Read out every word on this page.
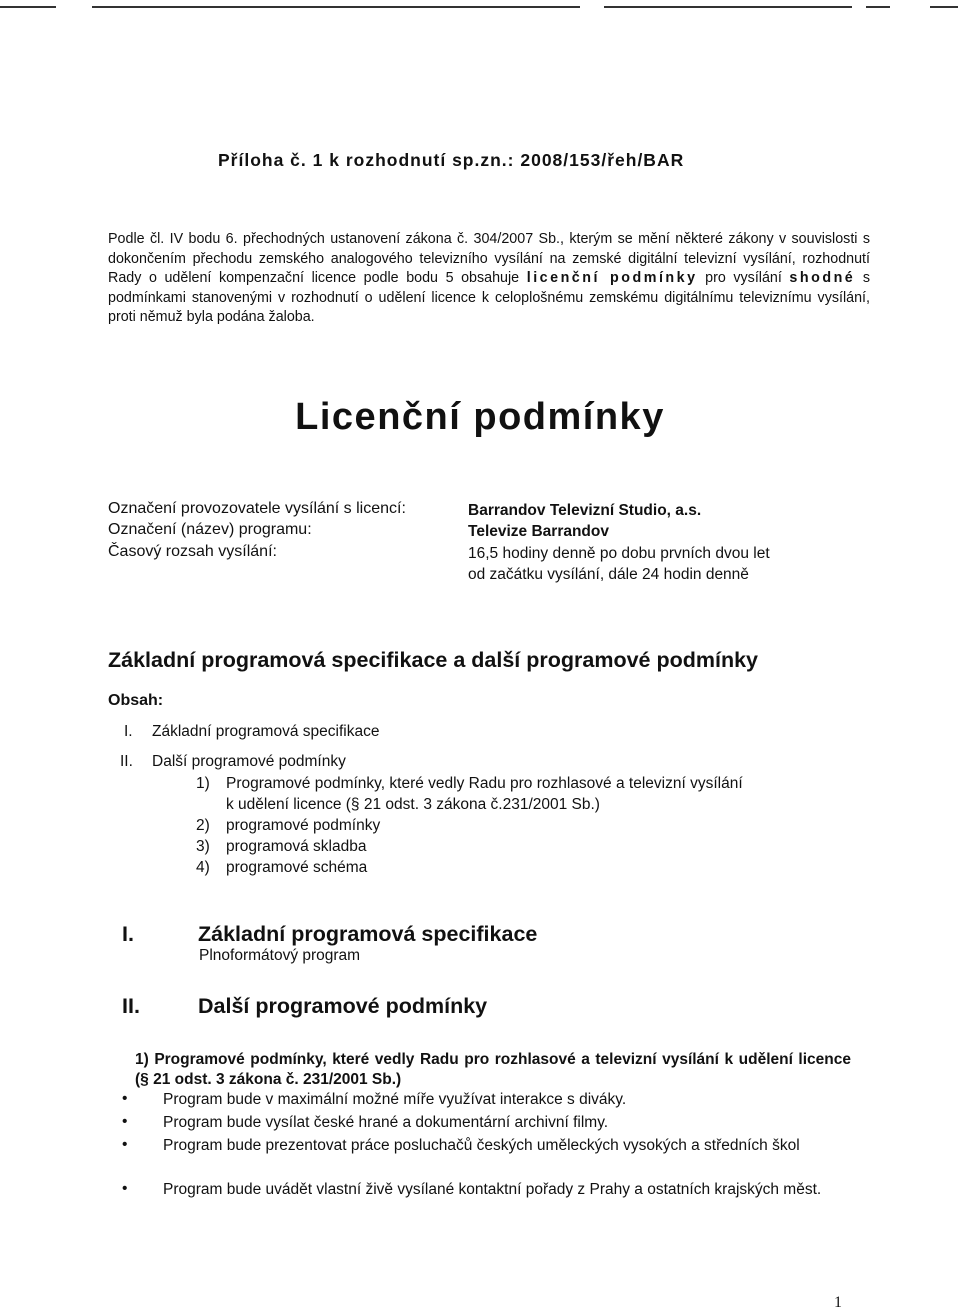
Příloha č. 1 k rozhodnutí sp.zn.: 2008/153/řeh/BAR
Podle čl. IV bodu 6. přechodných ustanovení zákona č. 304/2007 Sb., kterým se mění některé zákony v souvislosti s dokončením přechodu zemského analogového televizního vysílání na zemské digitální televizní vysílání, rozhodnutí Rady o udělení kompenzační licence podle bodu 5 obsahuje licenční podmínky pro vysílání shodné s podmínkami stanovenými v rozhodnutí o udělení licence k celoplošnému zemskému digitálnímu televiznímu vysílání, proti němuž byla podána žaloba.
Licenční podmínky
Označení provozovatele vysílání s licencí:	Barrandov Televizní Studio, a.s.
Označení (název) programu:	Televize Barrandov
Časový rozsah vysílání:	16,5 hodiny denně po dobu prvních dvou let
od začátku vysílání, dále 24 hodin denně
Základní programová specifikace a další programové podmínky
Obsah:
I. Základní programová specifikace
II. Další programové podmínky
1) Programové podmínky, které vedly Radu pro rozhlasové a televizní vysílání
k udělení licence (§ 21 odst. 3 zákona č.231/2001 Sb.)
2) programové podmínky
3) programová skladba
4) programové schéma
I.	Základní programová specifikace
Plnoformátový program
II.	Další programové podmínky
1) Programové podmínky, které vedly Radu pro rozhlasové a televizní vysílání k udělení licence (§ 21 odst. 3 zákona č. 231/2001 Sb.)
• Program bude v maximální možné míře využívat interakce s diváky.
• Program bude vysílat české hrané a dokumentární archivní filmy.
• Program bude prezentovat práce posluchačů českých uměleckých vysokých a středních škol
• Program bude uvádět vlastní živě vysílané kontaktní pořady z Prahy a ostatních krajských měst.
1
